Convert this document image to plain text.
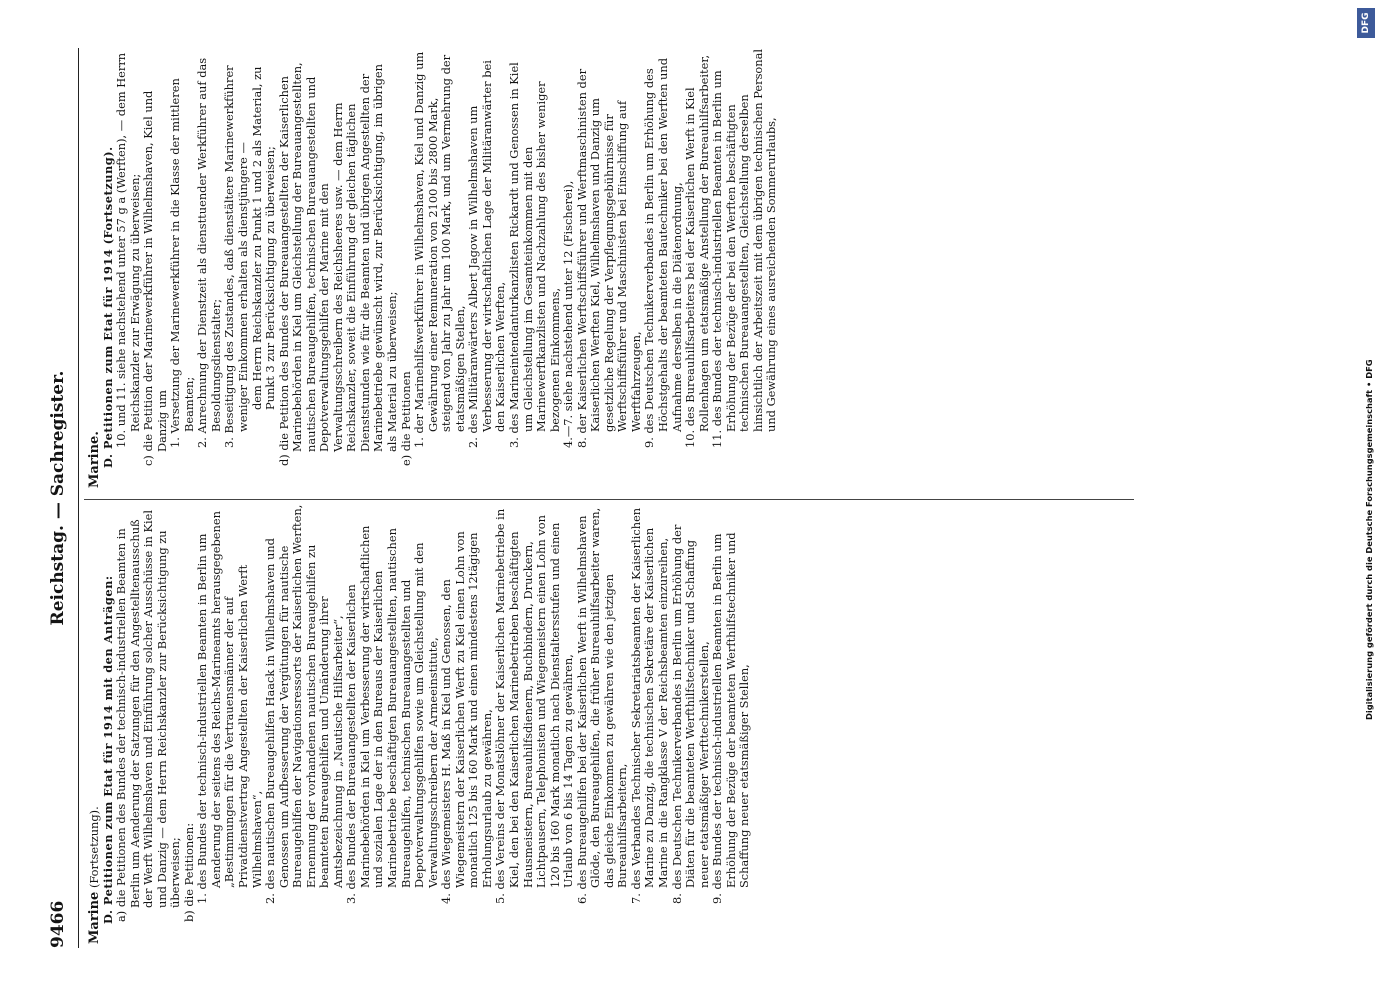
9466
Reichstag. — Sachregister.

Marine (Fortsetzung). D. Petitionen zum Etat für 1914 mit den Anträgen: a) die Petitionen des Bundes der technisch-industriellen Beamten in Berlin um Aenderung der Satzungen für den Angestelltenausschuß der Werft Wilhelmshaven und Einführung solcher Ausschüsse in Kiel und Danzig — dem Herrn Reichskanzler zur Berücksichtigung zu überweisen; b) die Petitionen: 1. des Bundes der technisch-industriellen Beamten in Berlin um Aenderung der seitens des Reichs-Marineamts herausgegebenen „Bestimmungen für die Vertrauensmänner der auf Privatdienstvertrag Angestellten der Kaiserlichen Werft Wilhelmshaven“, 2. des nautischen Bureaugehilfen Haack in Wilhelmshaven und Genossen um Aufbesserung der Vergütungen für nautische Bureaugehilfen der Navigationsressorts der Kaiserlichen Werften, Ernennung der vorhandenen nautischen Bureaugehilfen zu beamteten Bureaugehilfen und Umänderung ihrer Amtsbezeichnung in „Nautische Hilfsarbeiter“, 3. des Bundes der Bureauangestellten der Kaiserlichen Marinebehörden in Kiel um Verbesserung der wirtschaftlichen und sozialen Lage der in den Bureaus der Kaiserlichen Marinebetriebe beschäftigten Bureauangestellten, nautischen Bureaugehilfen, technischen Bureauangestellten und Depotverwaltungsgehilfen sowie um Gleichstellung mit den Verwaltungsschreibern der Armeeinstitute, 4. des Wiegemeisters H. Maß in Kiel und Genossen, den Wiegemeistern der Kaiserlichen Werft zu Kiel einen Lohn von monatlich 125 bis 160 Mark und einen mindestens 12tägigen Erholungsurlaub zu gewähren, 5. des Vereins der Monatslöhner der Kaiserlichen Marinebetriebe in Kiel, den bei den Kaiserlichen Marinebetrieben beschäftigten Hausmeistern, Bureauhilfsdienern, Buchbindern, Druckern, Lichtpausern, Telephonisten und Wiegemeistern einen Lohn von 120 bis 160 Mark monatlich nach Dienstaltersstufen und einen Urlaub von 6 bis 14 Tagen zu gewähren, 6. des Bureaugehilfen bei der Kaiserlichen Werft in Wilhelmshaven Glöde, den Bureaugehilfen, die früher Bureauhilfsarbeiter waren, das gleiche Einkommen zu gewähren wie den jetzigen Bureauhilfsarbeitern, 7. des Verbandes Technischer Sekretariatsbeamten der Kaiserlichen Marine zu Danzig, die technischen Sekretäre der Kaiserlichen Marine in die Rangklasse V der Reichsbeamten einzureihen, 8. des Deutschen Technikerverbandes in Berlin um Erhöhung der Diäten für die beamteten Werfthilfstechniker und Schaffung neuer etatsmäßiger Werfttechnikerstellen, 9. des Bundes der technisch-industriellen Beamten in Berlin um Erhöhung der Bezüge der beamteten Werfthilfstechniker und Schaffung neuer etatsmäßiger Stellen,

Marine.

D. Petitionen zum Etat für 1914 (Fortsetzung). 10. und 11. siehe nachstehend unter 57 g a (Werften), — dem Herrn Reichskanzler zur Erwägung zu überweisen; c) die Petition der Marinewerkführer in Wilhelmshaven, Kiel und Danzig um 1. Versetzung der Marinewerkführer in die Klasse der mittleren Beamten; 2. Anrechnung der Dienstzeit als diensttuender Werkführer auf das Besoldungsdienstalter; 3. Beseitigung des Zustandes, daß dienstältere Marinewerkführer weniger Einkommen erhalten als dienstjüngere — dem Herrn Reichskanzler zu Punkt 1 und 2 als Material, zu Punkt 3 zur Berücksichtigung zu überweisen; d) die Petition des Bundes der Bureauangestellten der Kaiserlichen Marinebehörden in Kiel um Gleichstellung der Bureauangestellten, nautischen Bureaugehilfen, technischen Bureauangestellten und Depotverwaltungsgehilfen der Marine mit den Verwaltungsschreibern des Reichsheeres usw. — dem Herrn Reichskanzler, soweit die Einführung der gleichen täglichen Dienststunden wie für die Beamten und übrigen Angestellten der Marinebetriebe gewünscht wird, zur Berücksichtigung, im übrigen als Material zu überweisen; e) die Petitionen 1. der Marinehilfswerkführer in Wilhelmshaven, Kiel und Danzig um Gewährung einer Remuneration von 2100 bis 2800 Mark, steigend von Jahr zu Jahr um 100 Mark, und um Vermehrung der etatsmäßigen Stellen, 2. des Militäranwärters Albert Jagow in Wilhelmshaven um Verbesserung der wirtschaftlichen Lage der Militäranwärter bei den Kaiserlichen Werften, 3. des Marineintendanturkanzlisten Rickardt und Genossen in Kiel um Gleichstellung im Gesamteinkommen mit den Marinewerftkanzlisten und Nachzahlung des bisher weniger bezogenen Einkommens, 4.—7. siehe nachstehend unter 12 (Fischerei), 8. der Kaiserlichen Werftschiffsführer und Werftmaschinisten der Kaiserlichen Werften Kiel, Wilhelmshaven und Danzig um gesetzliche Regelung der Verpflegungsgebührnisse für Werftschiffsführer und Maschinisten bei Einschiffung auf Werftfahrzeugen, 9. des Deutschen Technikerverbandes in Berlin um Erhöhung des Höchstgehalts der beamteten Bautechniker bei den Werften und Aufnahme derselben in die Diätenordnung, 10. des Bureauhilfsarbeiters bei der Kaiserlichen Werft in Kiel Rollenhagen um etatsmäßige Anstellung der Bureauhilfsarbeiter, 11. des Bundes der technisch-industriellen Beamten in Berlin um Erhöhung der Bezüge der bei den Werften beschäftigten technischen Bureauangestellten, Gleichstellung derselben hinsichtlich der Arbeitszeit mit dem übrigen technischen Personal und Gewährung eines ausreichenden Sommerurlaubs,

Digitalisierung gefördert durch die Deutsche Forschungsgemeinschaft • DFG
DFG
